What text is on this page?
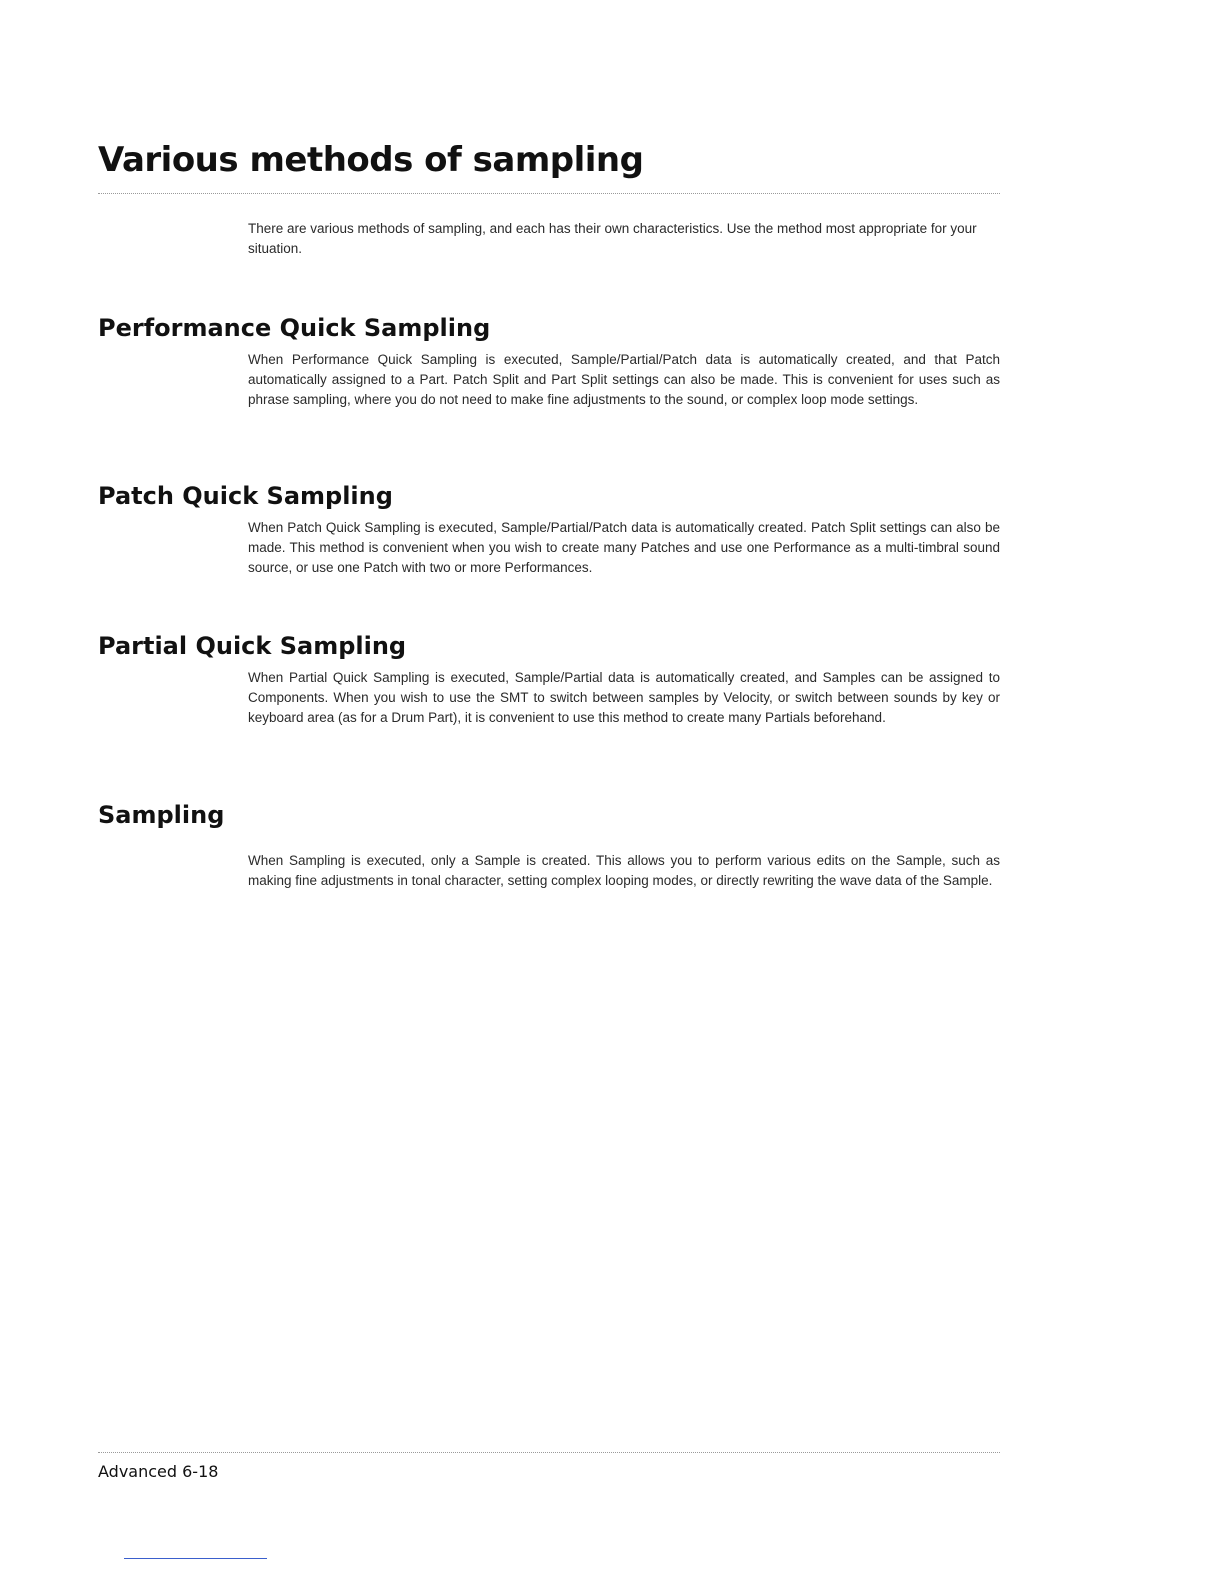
Various methods of sampling

There are various methods of sampling, and each has their own characteristics. Use the method most appropriate for your situation.

Performance Quick Sampling

When Performance Quick Sampling is executed, Sample/Partial/Patch data is automatically created, and that Patch automatically assigned to a Part. Patch Split and Part Split settings can also be made. This is convenient for uses such as phrase sampling, where you do not need to make fine adjustments to the sound, or complex loop mode settings.

Patch Quick Sampling

When Patch Quick Sampling is executed, Sample/Partial/Patch data is automatically created. Patch Split settings can also be made. This method is convenient when you wish to create many Patches and use one Performance as a multi-timbral sound source, or use one Patch with two or more Performances.

Partial Quick Sampling

When Partial Quick Sampling is executed, Sample/Partial data is automatically created, and Samples can be assigned to Components. When you wish to use the SMT to switch between samples by Velocity, or switch between sounds by key or keyboard area (as for a Drum Part), it is convenient to use this method to create many Partials beforehand.

Sampling

When Sampling is executed, only a Sample is created. This allows you to perform various edits on the Sample, such as making fine adjustments in tonal character, setting complex looping modes, or directly rewriting the wave data of the Sample.

Advanced 6-18
